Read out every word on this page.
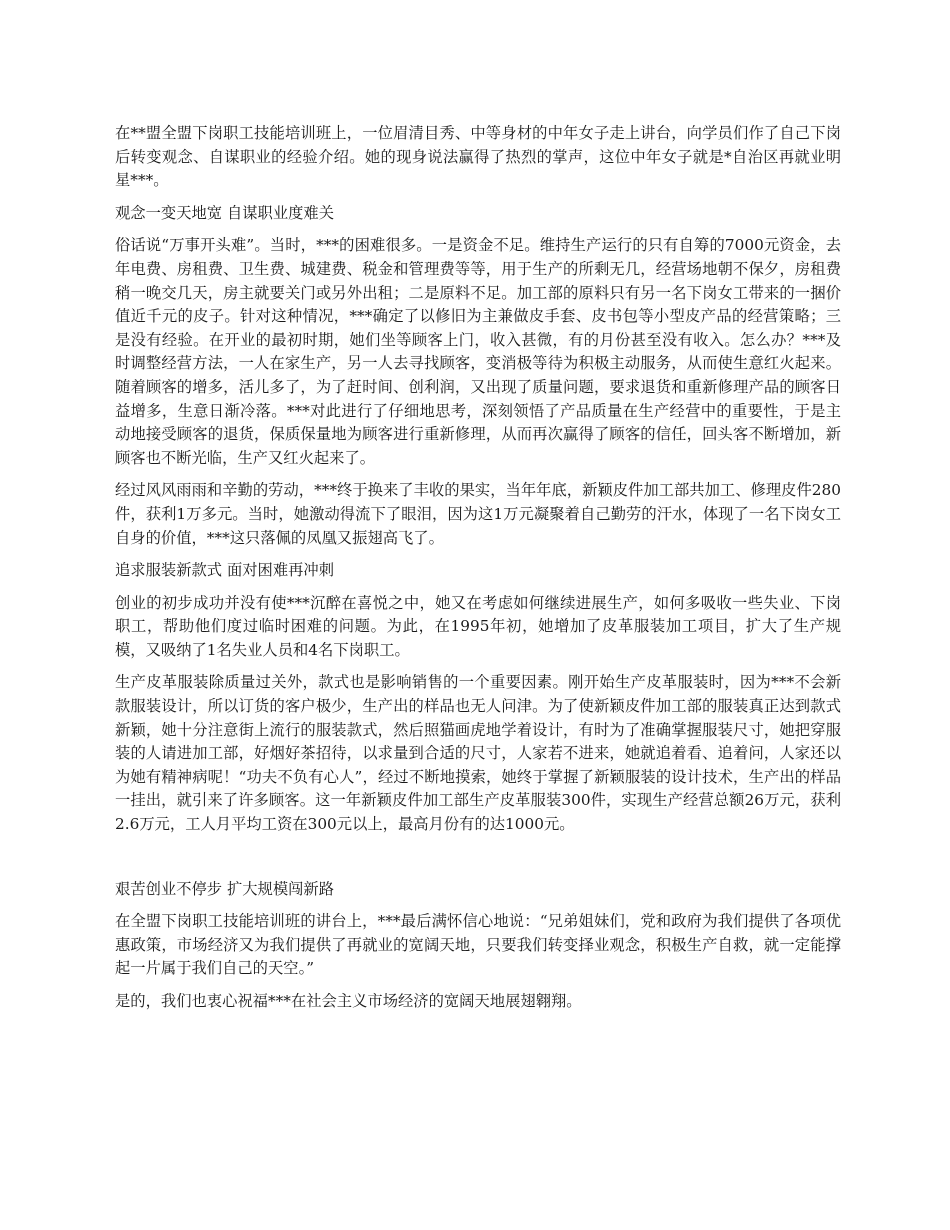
在**盟全盟下岗职工技能培训班上，一位眉清目秀、中等身材的中年女子走上讲台，向学员们作了自己下岗后转变观念、自谋职业的经验介绍。她的现身说法赢得了热烈的掌声，这位中年女子就是*自治区再就业明星***。

观念一变天地宽 自谋职业度难关

俗话说“万事开头难”。当时，***的困难很多。一是资金不足。维持生产运行的只有自筹的7000元资金，去年电费、房租费、卫生费、城建费、税金和管理费等等，用于生产的所剩无几，经营场地朝不保夕，房租费稍一晚交几天，房主就要关门或另外出租；二是原料不足。加工部的原料只有另一名下岗女工带来的一捆价值近千元的皮子。针对这种情况，***确定了以修旧为主兼做皮手套、皮书包等小型皮产品的经营策略；三是没有经验。在开业的最初时期，她们坐等顾客上门，收入甚微，有的月份甚至没有收入。怎么办？***及时调整经营方法，一人在家生产，另一人去寻找顾客，变消极等待为积极主动服务，从而使生意红火起来。随着顾客的增多，活儿多了，为了赶时间、创利润，又出现了质量问题，要求退货和重新修理产品的顾客日益增多，生意日渐冷落。***对此进行了仔细地思考，深刻领悟了产品质量在生产经营中的重要性，于是主动地接受顾客的退货，保质保量地为顾客进行重新修理，从而再次赢得了顾客的信任，回头客不断增加，新顾客也不断光临，生产又红火起来了。

经过风风雨雨和辛勤的劳动，***终于换来了丰收的果实，当年年底，新颖皮件加工部共加工、修理皮件280件，获利1万多元。当时，她激动得流下了眼泪，因为这1万元凝聚着自己勤劳的汗水，体现了一名下岗女工自身的价值，***这只落佩的凤凰又振翅高飞了。

追求服装新款式 面对困难再冲刺

创业的初步成功并没有使***沉醉在喜悦之中，她又在考虑如何继续进展生产，如何多吸收一些失业、下岗职工，帮助他们度过临时困难的问题。为此，在1995年初，她增加了皮革服装加工项目，扩大了生产规模，又吸纳了1名失业人员和4名下岗职工。

生产皮革服装除质量过关外，款式也是影响销售的一个重要因素。刚开始生产皮革服装时，因为***不会新款服装设计，所以订货的客户极少，生产出的样品也无人问津。为了使新颖皮件加工部的服装真正达到款式新颖，她十分注意街上流行的服装款式，然后照猫画虎地学着设计，有时为了准确掌握服装尺寸，她把穿服装的人请进加工部，好烟好茶招待，以求量到合适的尺寸，人家若不进来，她就追着看、追着问，人家还以为她有精神病呢！“功夫不负有心人”，经过不断地摸索，她终于掌握了新颖服装的设计技术，生产出的样品一挂出，就引来了许多顾客。这一年新颖皮件加工部生产皮革服装300件，实现生产经营总额26万元，获利2.6万元，工人月平均工资在300元以上，最高月份有的达1000元。

艰苦创业不停步 扩大规模闯新路

在全盟下岗职工技能培训班的讲台上，***最后满怀信心地说：“兄弟姐妹们，党和政府为我们提供了各项优惠政策，市场经济又为我们提供了再就业的宽阔天地，只要我们转变择业观念，积极生产自救，就一定能撑起一片属于我们自己的天空。”

是的，我们也衷心祝福***在社会主义市场经济的宽阔天地展翅翱翔。
